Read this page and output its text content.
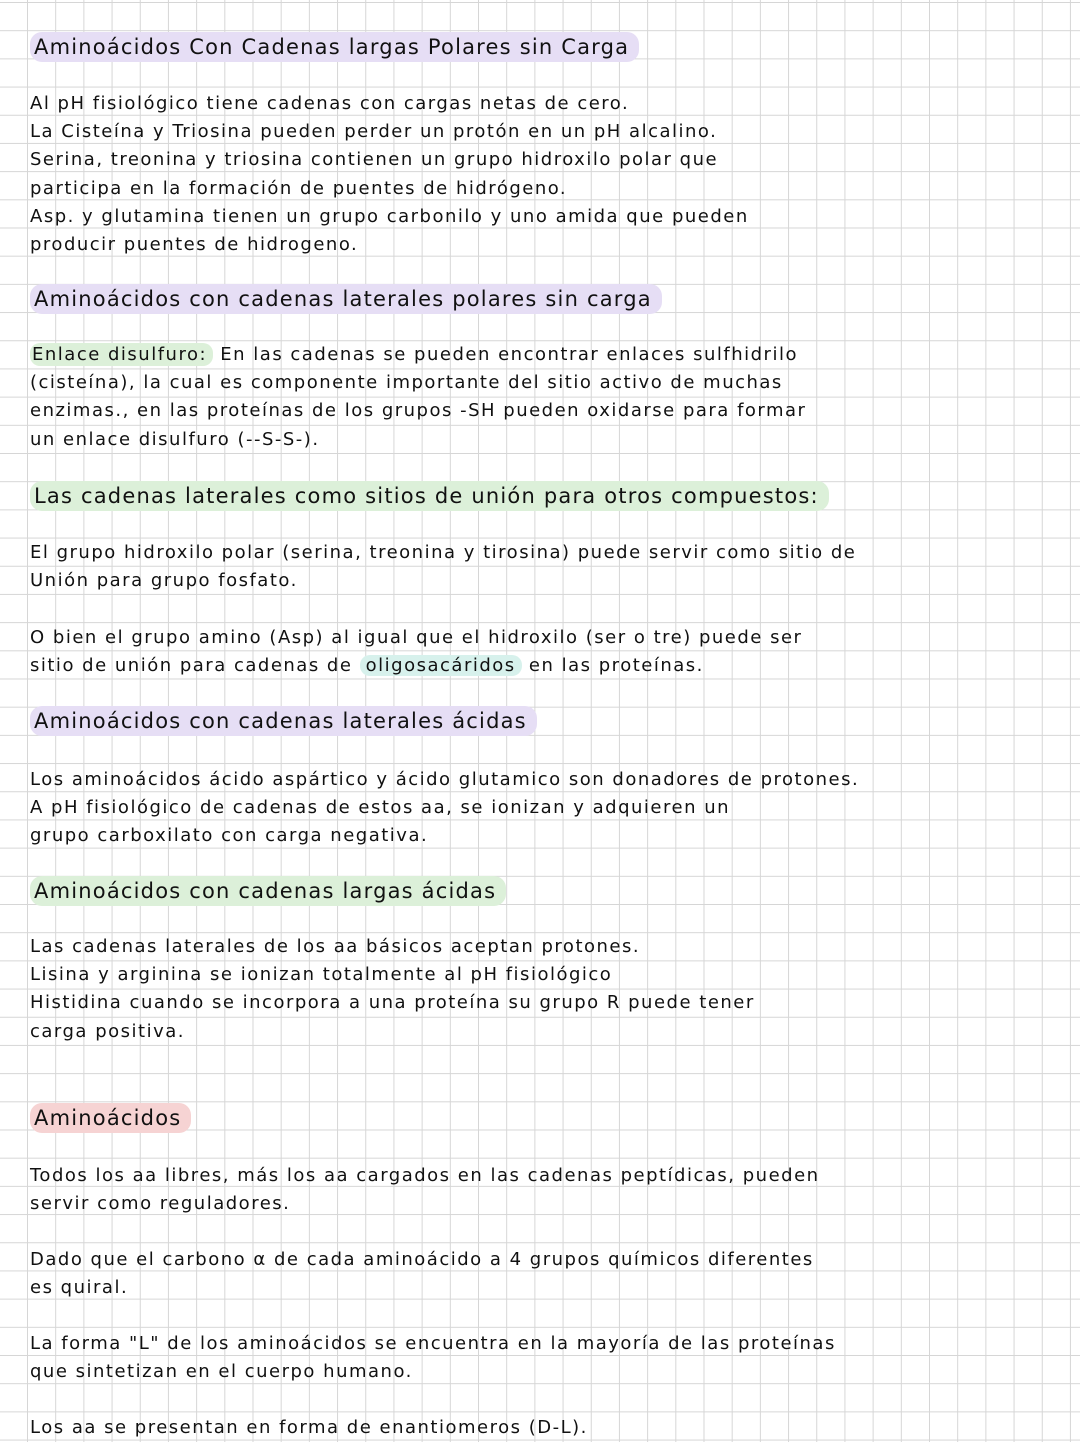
Aminoácidos Con Cadenas largas Polares sin Carga
Al pH fisiológico tiene cadenas con cargas netas de cero.
La Cisteína y Triosina pueden perder un protón en un pH alcalino.
Serina, treonina y triosina contienen un grupo hidroxilo polar que
participa en la formación de puentes de hidrógeno.
Asp. y glutamina tienen un grupo carbonilo y uno amida que pueden
producir puentes de hidrogeno.
Aminoácidos con cadenas laterales polares sin carga
Enlace disulfuro: En las cadenas se pueden encontrar enlaces sulfhidrilo
(cisteína), la cual es componente importante del sitio activo de muchas
enzimas., en las proteínas de los grupos -SH pueden oxidarse para formar
un enlace disulfuro (--S-S-).
Las cadenas laterales como sitios de unión para otros compuestos:
El grupo hidroxilo polar (serina, treonina y tirosina) puede servir como sitio de
Unión para grupo fosfato.
O bien el grupo amino (Asp) al igual que el hidroxilo (ser o tre) puede ser
sitio de unión para cadenas de oligosacáridos en las proteínas.
Aminoácidos con cadenas laterales ácidas
Los aminoácidos ácido aspártico y ácido glutamico son donadores de protones.
A pH fisiológico de cadenas de estos aa, se ionizan y adquieren un
grupo carboxilato con carga negativa.
Aminoácidos con cadenas largas ácidas
Las cadenas laterales de los aa básicos aceptan protones.
Lisina y arginina se ionizan totalmente al pH fisiológico
Histidina cuando se incorpora a una proteína su grupo R puede tener
carga positiva.
Aminoácidos
Todos los aa libres, más los aa cargados en las cadenas peptídicas, pueden
servir como reguladores.
Dado que el carbono α de cada aminoácido a 4 grupos químicos diferentes
es quiral.
La forma "L" de los aminoácidos se encuentra en la mayoría de las proteínas
que sintetizan en el cuerpo humano.
Los aa se presentan en forma de enantiomeros (D-L).
